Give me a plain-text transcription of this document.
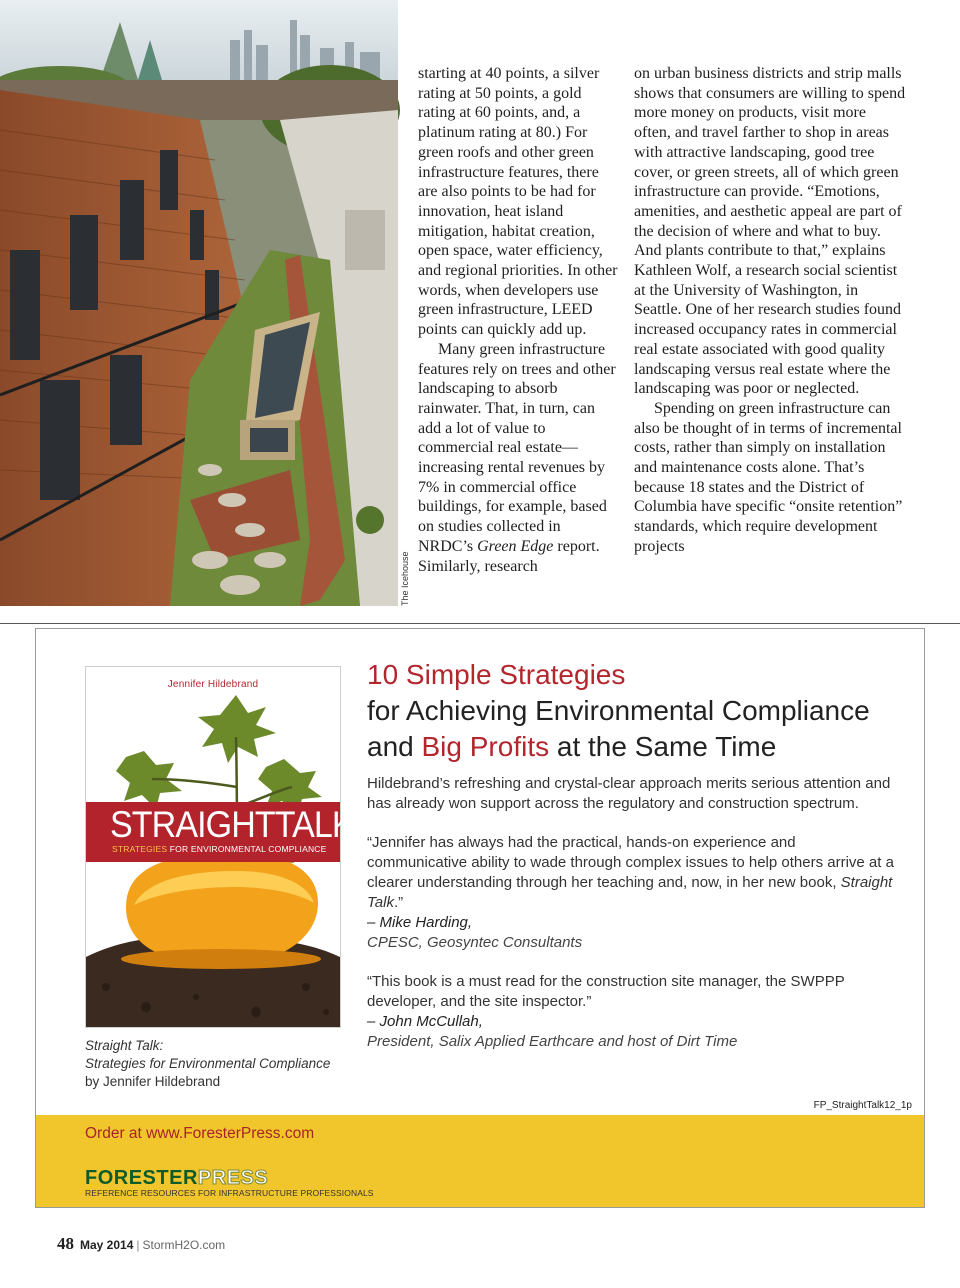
The Icehouse

starting at 40 points, a silver rating at 50 points, a gold rating at 60 points, and, a platinum rating at 80.) For green roofs and other green infrastructure features, there are also points to be had for innovation, heat island mitigation, habitat creation, open space, water efficiency, and regional priorities. In other words, when developers use green infrastructure, LEED points can quickly add up.

Many green infrastructure features rely on trees and other landscaping to absorb rainwater. That, in turn, can add a lot of value to commercial real estate—increasing rental revenues by 7% in commercial office buildings, for example, based on studies collected in NRDC’s Green Edge report. Similarly, research

on urban business districts and strip malls shows that consumers are willing to spend more money on products, visit more often, and travel farther to shop in areas with attractive landscaping, good tree cover, or green streets, all of which green infrastructure can provide. “Emotions, amenities, and aesthetic appeal are part of the decision of where and what to buy. And plants contribute to that,” explains Kathleen Wolf, a research social scientist at the University of Washington, in Seattle. One of her research studies found increased occupancy rates in commercial real estate associated with good quality landscaping versus real estate where the landscaping was poor or neglected.

Spending on green infrastructure can also be thought of in terms of incremental costs, rather than simply on installation and maintenance costs alone. That’s because 18 states and the District of Columbia have specific “onsite retention” standards, which require development projects

Jennifer Hildebrand
STRAIGHTTALK
STRATEGIES FOR ENVIRONMENTAL COMPLIANCE
Straight Talk:
Strategies for Environmental Compliance
by Jennifer Hildebrand
10 Simple Strategies
for Achieving Environmental Compliance
and Big Profits at the Same Time

Hildebrand’s refreshing and crystal-clear approach merits serious attention and has already won support across the regulatory and construction spectrum.

“Jennifer has always had the practical, hands-on experience and communicative ability to wade through complex issues to help others arrive at a clearer understanding through her teaching and, now, in her new book, Straight Talk.”
– Mike Harding,
CPESC, Geosyntec Consultants

“This book is a must read for the construction site manager, the SWPPP developer, and the site inspector.”
– John McCullah,
President, Salix Applied Earthcare and host of Dirt Time

FP_StraightTalk12_1p
Order at www.ForesterPress.com
FORESTERPRESS
REFERENCE RESOURCES FOR INFRASTRUCTURE PROFESSIONALS
48 May 2014 | StormH2O.com
